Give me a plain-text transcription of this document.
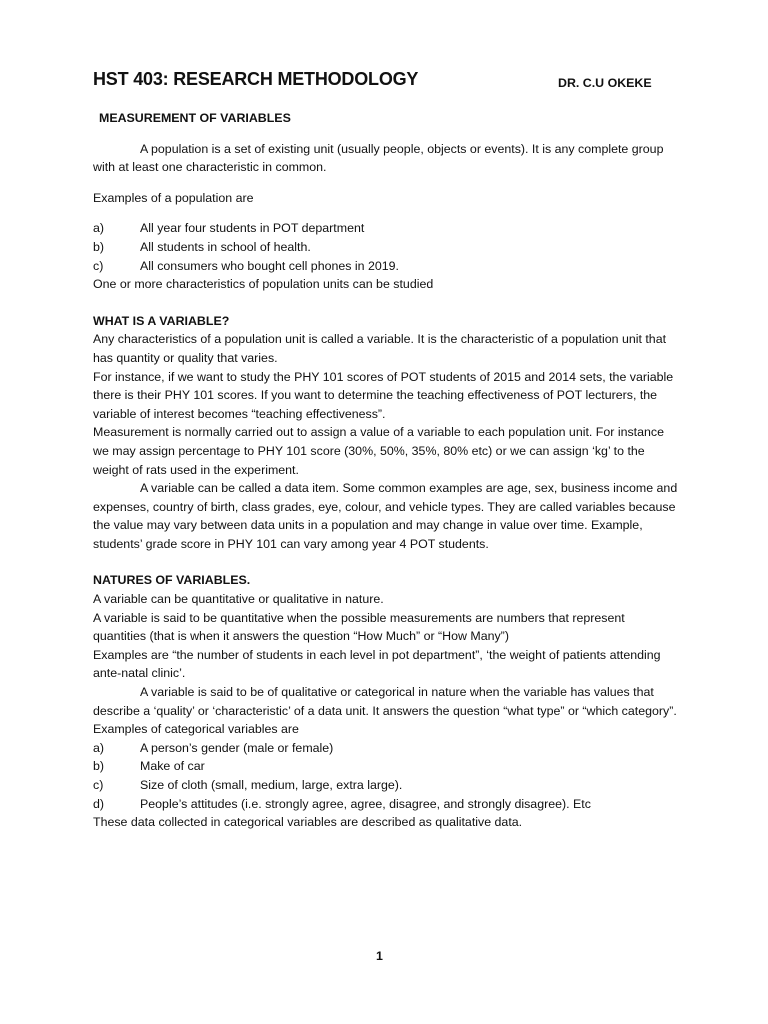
HST 403: RESEARCH METHODOLOGY	DR. C.U OKEKE

MEASUREMENT OF VARIABLES

A population is a set of existing unit (usually people, objects or events). It is any complete group with at least one characteristic in common.

Examples of a population are

a)	All year four students in POT department
b)	All students in school of health.
c)	All consumers who bought cell phones in 2019.

One or more characteristics of population units can be studied

WHAT IS A VARIABLE?

Any characteristics of a population unit is called a variable. It is the characteristic of a population unit that has quantity or quality that varies.

For instance, if we want to study the PHY 101 scores of POT students of 2015 and 2014 sets, the variable there is their PHY 101 scores. If you want to determine the teaching effectiveness of POT lecturers, the variable of interest becomes “teaching effectiveness”.

Measurement is normally carried out to assign a value of a variable to each population unit. For instance we may assign percentage to PHY 101 score (30%, 50%, 35%, 80% etc) or we can assign ‘kg’ to the weight of rats used in the experiment.

A variable can be called a data item. Some common examples are age, sex, business income and expenses, country of birth, class grades, eye, colour, and vehicle types. They are called variables because the value may vary between data units in a population and may change in value over time. Example, students’ grade score in PHY 101 can vary among year 4 POT students.

NATURES OF VARIABLES.

A variable can be quantitative or qualitative in nature.

A variable is said to be quantitative when the possible measurements are numbers that represent quantities (that is when it answers the question “How Much” or “How Many”)

Examples are “the number of students in each level in pot department”, ‘the weight of patients attending ante-natal clinic’.

A variable is said to be of qualitative or categorical in nature when the variable has values that describe a ‘quality’ or ‘characteristic’ of a data unit. It answers the question “what type” or “which category”.

Examples of categorical variables are

a)	A person’s gender (male or female)
b)	Make of car
c)	Size of cloth (small, medium, large, extra large).
d)	People’s attitudes (i.e. strongly agree, agree, disagree, and strongly disagree). Etc

These data collected in categorical variables are described as qualitative data.

1
